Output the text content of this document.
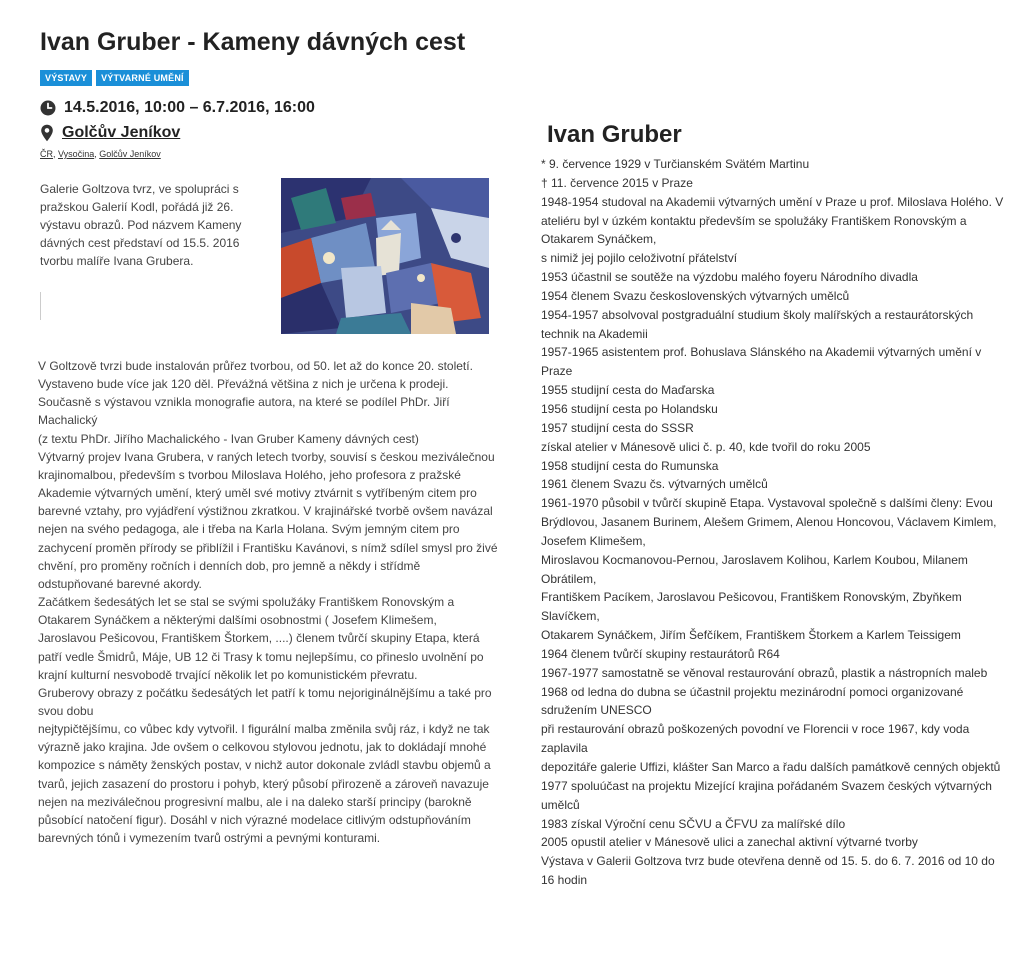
Ivan Gruber - Kameny dávných cest
VÝSTAVY	VÝTVARNÉ UMĚNÍ
14.5.2016, 10:00 – 6.7.2016, 16:00
Golčův Jeníkov
ČR, Vysočina, Golčův Jeníkov

Galerie Goltzova tvrz, ve spolupráci s pražskou Galerií Kodl, pořádá již 26. výstavu obrazů. Pod názvem Kameny dávných cest představí od 15.5. 2016 tvorbu malíře Ivana Grubera.

V Goltzově tvrzi bude instalován průřez tvorbou, od 50. let až do konce 20. století. Vystaveno bude více jak 120 děl. Převážná většina z nich je určena k prodeji.

Současně s výstavou vznikla monografie autora, na které se podílel PhDr. Jiří Machalický

(z textu PhDr. Jiřího Machalického - Ivan Gruber Kameny dávných cest)

Výtvarný projev Ivana Grubera, v raných letech tvorby, souvisí s českou meziválečnou krajinomalbou, především s tvorbou Miloslava Holého, jeho profesora z pražské Akademie výtvarných umění, který uměl své motivy ztvárnit s vytříbeným citem pro barevné vztahy, pro vyjádření výstižnou zkratkou. V krajinářské tvorbě ovšem navázal nejen na svého pedagoga, ale i třeba na Karla Holana. Svým jemným citem pro zachycení proměn přírody se přiblížil i Františku Kavánovi, s nímž sdílel smysl pro živé chvění, pro proměny ročních i denních dob, pro jemně a někdy i střídmě odstupňované barevné akordy.

Začátkem šedesátých let se stal se svými spolužáky Františkem Ronovským a Otakarem Synáčkem a některými dalšími osobnostmi ( Josefem Klimešem, Jaroslavou Pešicovou, Františkem Štorkem, ....) členem tvůrčí skupiny Etapa, která patří vedle Šmidrů, Máje, UB 12 či Trasy k tomu nejlepšímu, co přineslo uvolnění po krajní kulturní nesvobodě trvající několik let po komunistickém převratu.

Gruberovy obrazy z počátku šedesátých let patří k tomu nejoriginálnějšímu a také pro svou dobu

nejtypičtějšímu, co vůbec kdy vytvořil. I figurální malba změnila svůj ráz, i když ne tak výrazně jako krajina. Jde ovšem o celkovou stylovou jednotu, jak to dokládají mnohé kompozice s náměty ženských postav, v nichž autor dokonale zvládl stavbu objemů a tvarů, jejich zasazení do prostoru i pohyb, který působí přirozeně a zároveň navazuje nejen na meziválečnou progresivní malbu, ale i na daleko starší principy (barokně působící natočení figur). Dosáhl v nich výrazné modelace citlivým odstupňováním barevných tónů i vymezením tvarů ostrými a pevnými konturami.

Ivan Gruber

* 9. července 1929 v Turčianském Svätém Martinu

† 11. července 2015 v Praze

1948-1954 studoval na Akademii výtvarných umění v Praze u prof. Miloslava Holého. V ateliéru byl v úzkém kontaktu především se spolužáky Františkem Ronovským a Otakarem Synáčkem,

s nimiž jej pojilo celoživotní přátelství

1953 účastnil se soutěže na výzdobu malého foyeru Národního divadla

1954 členem Svazu československých výtvarných umělců

1954-1957 absolvoval postgraduální studium školy malířských a restaurátorských technik na Akademii

1957-1965 asistentem prof. Bohuslava Slánského na Akademii výtvarných umění v Praze

1955 studijní cesta do Maďarska

1956 studijní cesta po Holandsku

1957 studijní cesta do SSSR

získal atelier v Mánesově ulici č. p. 40, kde tvořil do roku 2005

1958 studijní cesta do Rumunska

1961 členem Svazu čs. výtvarných umělců

1961-1970 působil v tvůrčí skupině Etapa. Vystavoval společně s dalšími členy: Evou Brýdlovou, Jasanem Burinem, Alešem Grimem, Alenou Honcovou, Václavem Kimlem, Josefem Klimešem,

Miroslavou Kocmanovou-Pernou, Jaroslavem Kolihou, Karlem Koubou, Milanem Obrátilem,

Františkem Pacíkem, Jaroslavou Pešicovou, Františkem Ronovským, Zbyňkem Slavíčkem,

Otakarem Synáčkem, Jiřím Šefčíkem, Františkem Štorkem a Karlem Teissigem

1964 členem tvůrčí skupiny restaurátorů R64

1967-1977 samostatně se věnoval restaurování obrazů, plastik a nástropních maleb

1968 od ledna do dubna se účastnil projektu mezinárodní pomoci organizované sdružením UNESCO

při restaurování obrazů poškozených povodní ve Florencii v roce 1967, kdy voda zaplavila

depozitáře galerie Uffizi, klášter San Marco a řadu dalších památkově cenných objektů

1977 spoluúčast na projektu Mizející krajina pořádaném Svazem českých výtvarných umělců

1983 získal Výroční cenu SČVU a ČFVU za malířské dílo

2005 opustil atelier v Mánesově ulici a zanechal aktivní výtvarné tvorby

Výstava v Galerii Goltzova tvrz bude otevřena denně od 15. 5. do 6. 7. 2016 od 10 do 16 hodin
